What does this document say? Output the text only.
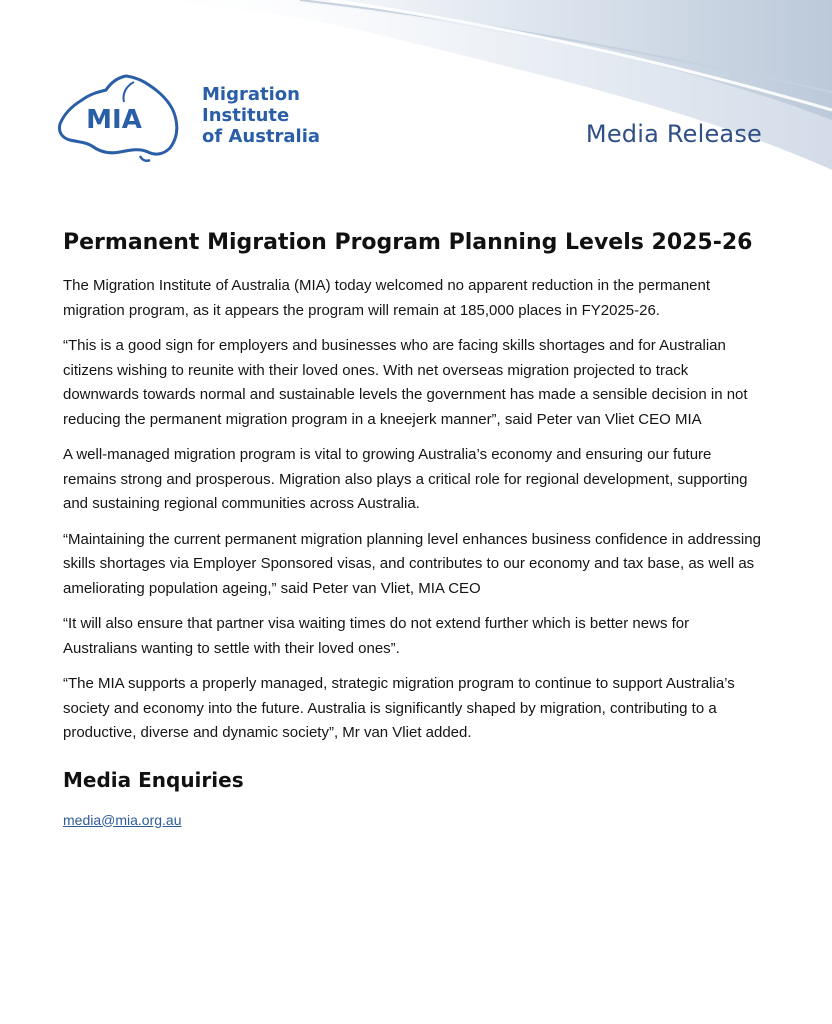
MIA
Migration
Institute
of Australia	Media Release
Permanent Migration Program Planning Levels 2025-26

The Migration Institute of Australia (MIA) today welcomed no apparent reduction in the permanent migration program, as it appears the program will remain at 185,000 places in FY2025-26.

“This is a good sign for employers and businesses who are facing skills shortages and for Australian citizens wishing to reunite with their loved ones. With net overseas migration projected to track downwards towards normal and sustainable levels the government has made a sensible decision in not reducing the permanent migration program in a kneejerk manner”, said Peter van Vliet CEO MIA

A well-managed migration program is vital to growing Australia’s economy and ensuring our future remains strong and prosperous. Migration also plays a critical role for regional development, supporting and sustaining regional communities across Australia.

“Maintaining the current permanent migration planning level enhances business confidence in addressing skills shortages via Employer Sponsored visas, and contributes to our economy and tax base, as well as ameliorating population ageing,” said Peter van Vliet, MIA CEO

“It will also ensure that partner visa waiting times do not extend further which is better news for Australians wanting to settle with their loved ones”.

“The MIA supports a properly managed, strategic migration program to continue to support Australia’s society and economy into the future. Australia is significantly shaped by migration, contributing to a productive, diverse and dynamic society”, Mr van Vliet added.

Media Enquiries
media@mia.org.au
